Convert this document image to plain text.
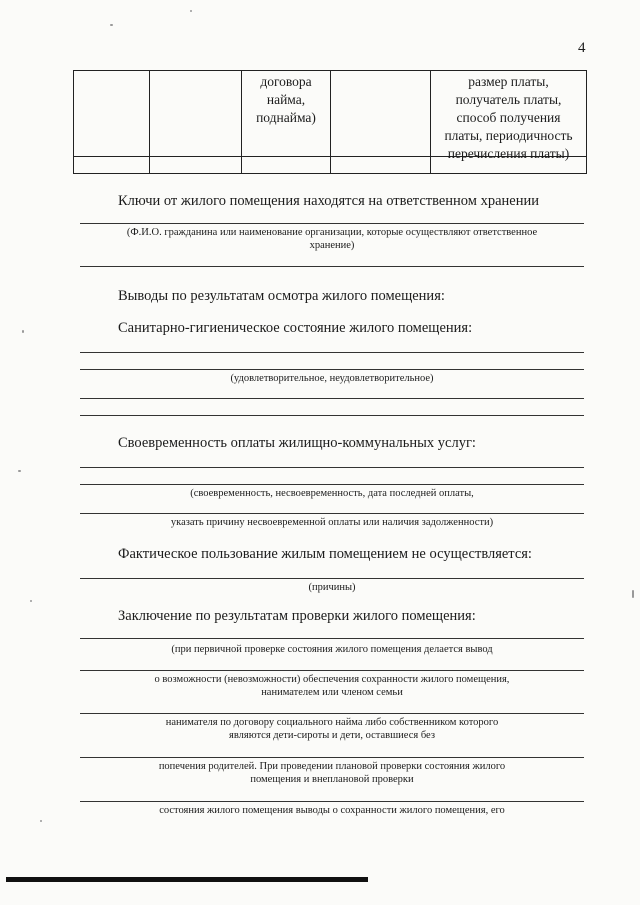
4
договора
найма,
поднайма)
размер платы,
получатель платы,
способ получения
платы, периодичность
перечисления платы)
Ключи от жилого помещения находятся на ответственном хранении
(Ф.И.О. гражданина или наименование организации, которые осуществляют ответственное
хранение)
Выводы по результатам осмотра жилого помещения:
Санитарно-гигиеническое состояние жилого помещения:
(удовлетворительное, неудовлетворительное)
Своевременность оплаты жилищно-коммунальных услуг:
(своевременность, несвоевременность, дата последней оплаты,
указать причину несвоевременной оплаты или наличия задолженности)
Фактическое пользование жилым помещением не осуществляется:
(причины)
Заключение по результатам проверки жилого помещения:
(при первичной проверке состояния жилого помещения делается вывод
о возможности (невозможности) обеспечения сохранности жилого помещения,
нанимателем или членом семьи
нанимателя по договору социального найма либо собственником которого
являются дети-сироты и дети, оставшиеся без
попечения родителей. При проведении плановой проверки состояния жилого
помещения и внеплановой проверки
состояния жилого помещения выводы о сохранности жилого помещения, его
